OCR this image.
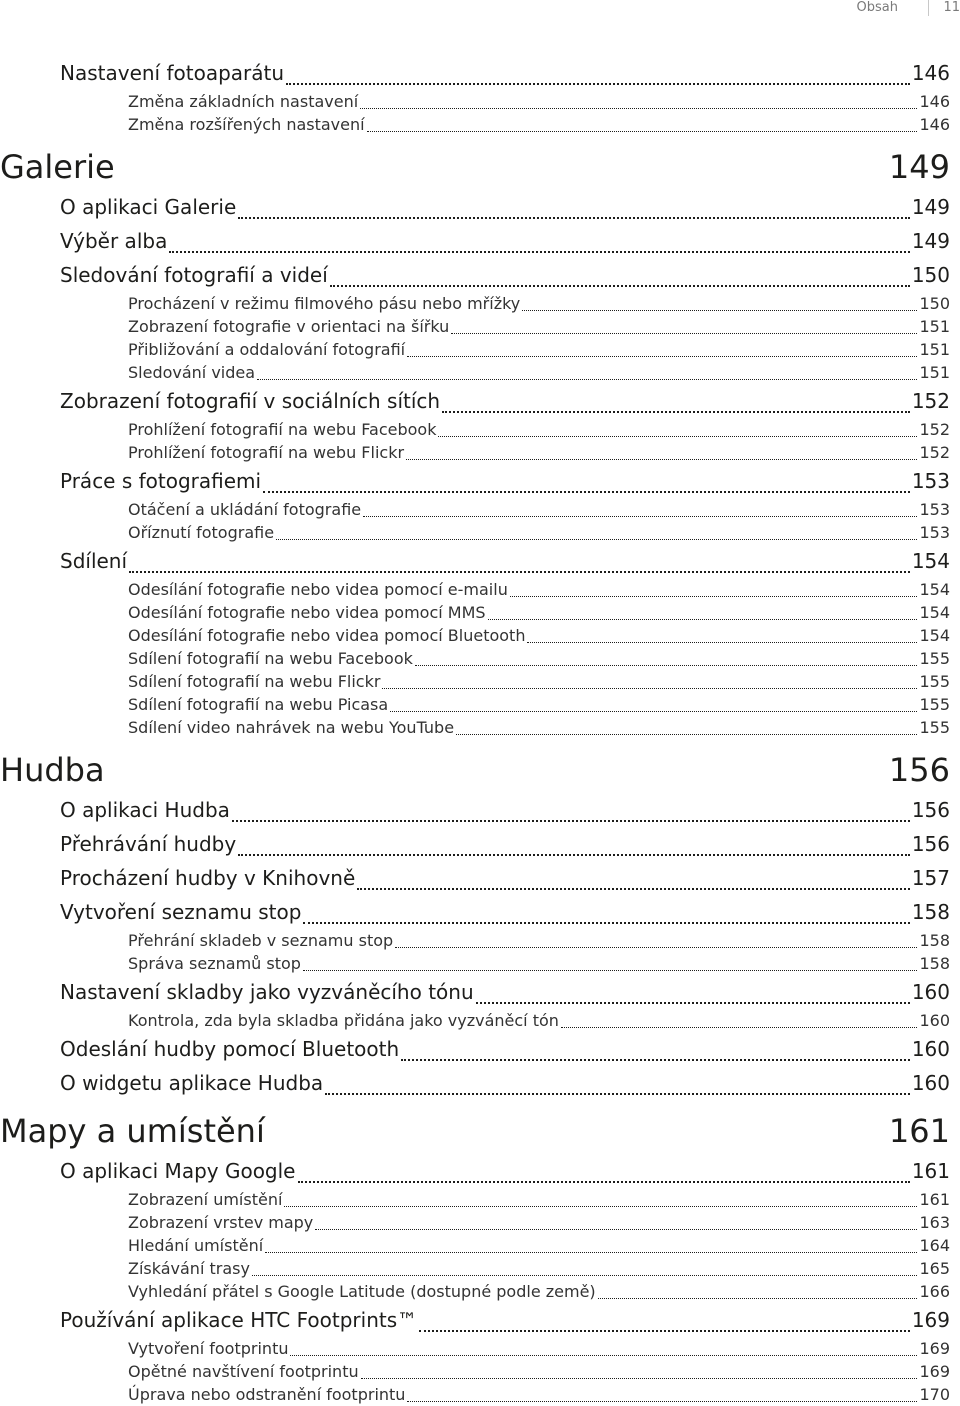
Obsah	11
Nastavení fotoaparátu	146
Změna základních nastavení	146
Změna rozšířených nastavení	146
Galerie	149
O aplikaci Galerie	149
Výběr alba	149
Sledování fotografií a videí	150
Procházení v režimu filmového pásu nebo mřížky	150
Zobrazení fotografie v orientaci na šířku	151
Přibližování a oddalování fotografií	151
Sledování videa	151
Zobrazení fotografií v sociálních sítích	152
Prohlížení fotografií na webu Facebook	152
Prohlížení fotografií na webu Flickr	152
Práce s fotografiemi	153
Otáčení a ukládání fotografie	153
Oříznutí fotografie	153
Sdílení	154
Odesílání fotografie nebo videa pomocí e-mailu	154
Odesílání fotografie nebo videa pomocí MMS	154
Odesílání fotografie nebo videa pomocí Bluetooth	154
Sdílení fotografií na webu Facebook	155
Sdílení fotografií na webu Flickr	155
Sdílení fotografií na webu Picasa	155
Sdílení video nahrávek na webu YouTube	155
Hudba	156
O aplikaci Hudba	156
Přehrávání hudby	156
Procházení hudby v Knihovně	157
Vytvoření seznamu stop	158
Přehrání skladeb v seznamu stop	158
Správa seznamů stop	158
Nastavení skladby jako vyzváněcího tónu	160
Kontrola, zda byla skladba přidána jako vyzváněcí tón	160
Odeslání hudby pomocí Bluetooth	160
O widgetu aplikace Hudba	160
Mapy a umístění	161
O aplikaci Mapy Google	161
Zobrazení umístění	161
Zobrazení vrstev mapy	163
Hledání umístění	164
Získávání trasy	165
Vyhledání přátel s Google Latitude (dostupné podle země)	166
Používání aplikace HTC Footprints™	169
Vytvoření footprintu	169
Opětné navštívení footprintu	169
Úprava nebo odstranění footprintu	170
